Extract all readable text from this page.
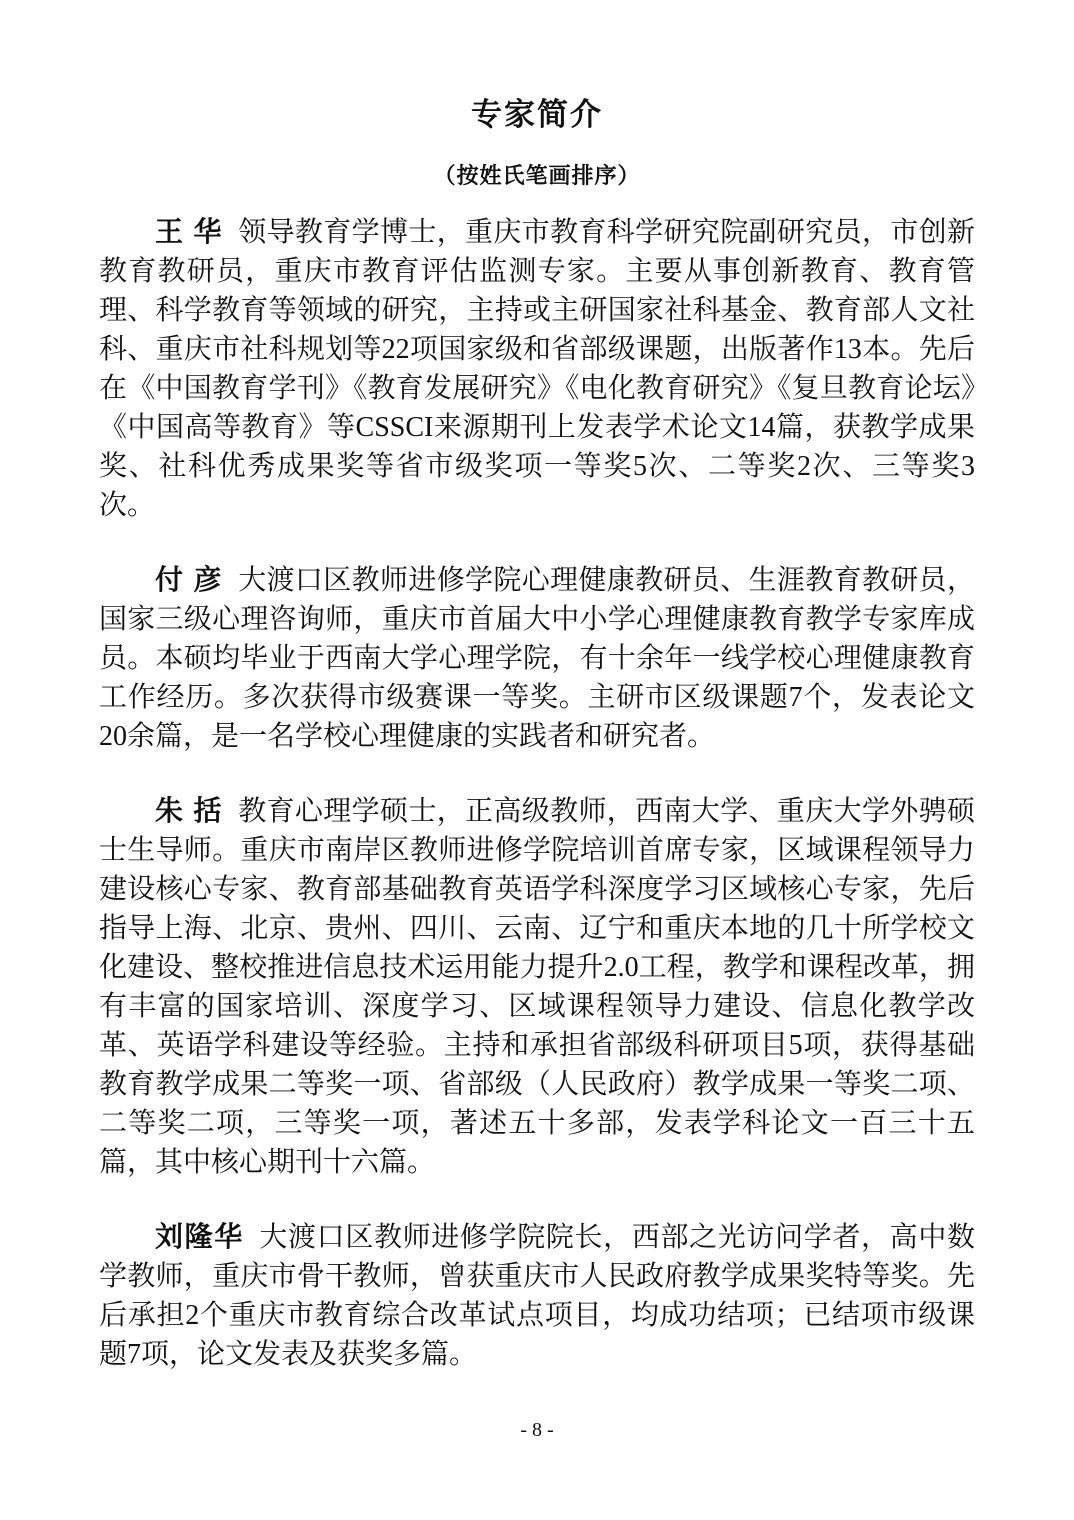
专家简介
（按姓氏笔画排序）

王 华 领导教育学博士，重庆市教育科学研究院副研究员，市创新教育教研员，重庆市教育评估监测专家。主要从事创新教育、教育管理、科学教育等领域的研究，主持或主研国家社科基金、教育部人文社科、重庆市社科规划等22项国家级和省部级课题，出版著作13本。先后在《中国教育学刊》《教育发展研究》《电化教育研究》《复旦教育论坛》《中国高等教育》等CSSCI来源期刊上发表学术论文14篇，获教学成果奖、社科优秀成果奖等省市级奖项一等奖5次、二等奖2次、三等奖3次。

付 彦 大渡口区教师进修学院心理健康教研员、生涯教育教研员，国家三级心理咨询师，重庆市首届大中小学心理健康教育教学专家库成员。本硕均毕业于西南大学心理学院，有十余年一线学校心理健康教育工作经历。多次获得市级赛课一等奖。主研市区级课题7个，发表论文20余篇，是一名学校心理健康的实践者和研究者。

朱 括 教育心理学硕士，正高级教师，西南大学、重庆大学外骋硕士生导师。重庆市南岸区教师进修学院培训首席专家，区域课程领导力建设核心专家、教育部基础教育英语学科深度学习区域核心专家，先后指导上海、北京、贵州、四川、云南、辽宁和重庆本地的几十所学校文化建设、整校推进信息技术运用能力提升2.0工程，教学和课程改革，拥有丰富的国家培训、深度学习、区域课程领导力建设、信息化教学改革、英语学科建设等经验。主持和承担省部级科研项目5项，获得基础教育教学成果二等奖一项、省部级（人民政府）教学成果一等奖二项、二等奖二项，三等奖一项，著述五十多部，发表学科论文一百三十五篇，其中核心期刊十六篇。

刘隆华 大渡口区教师进修学院院长，西部之光访问学者，高中数学教师，重庆市骨干教师，曾获重庆市人民政府教学成果奖特等奖。先后承担2个重庆市教育综合改革试点项目，均成功结项；已结项市级课题7项，论文发表及获奖多篇。

- 8 -
